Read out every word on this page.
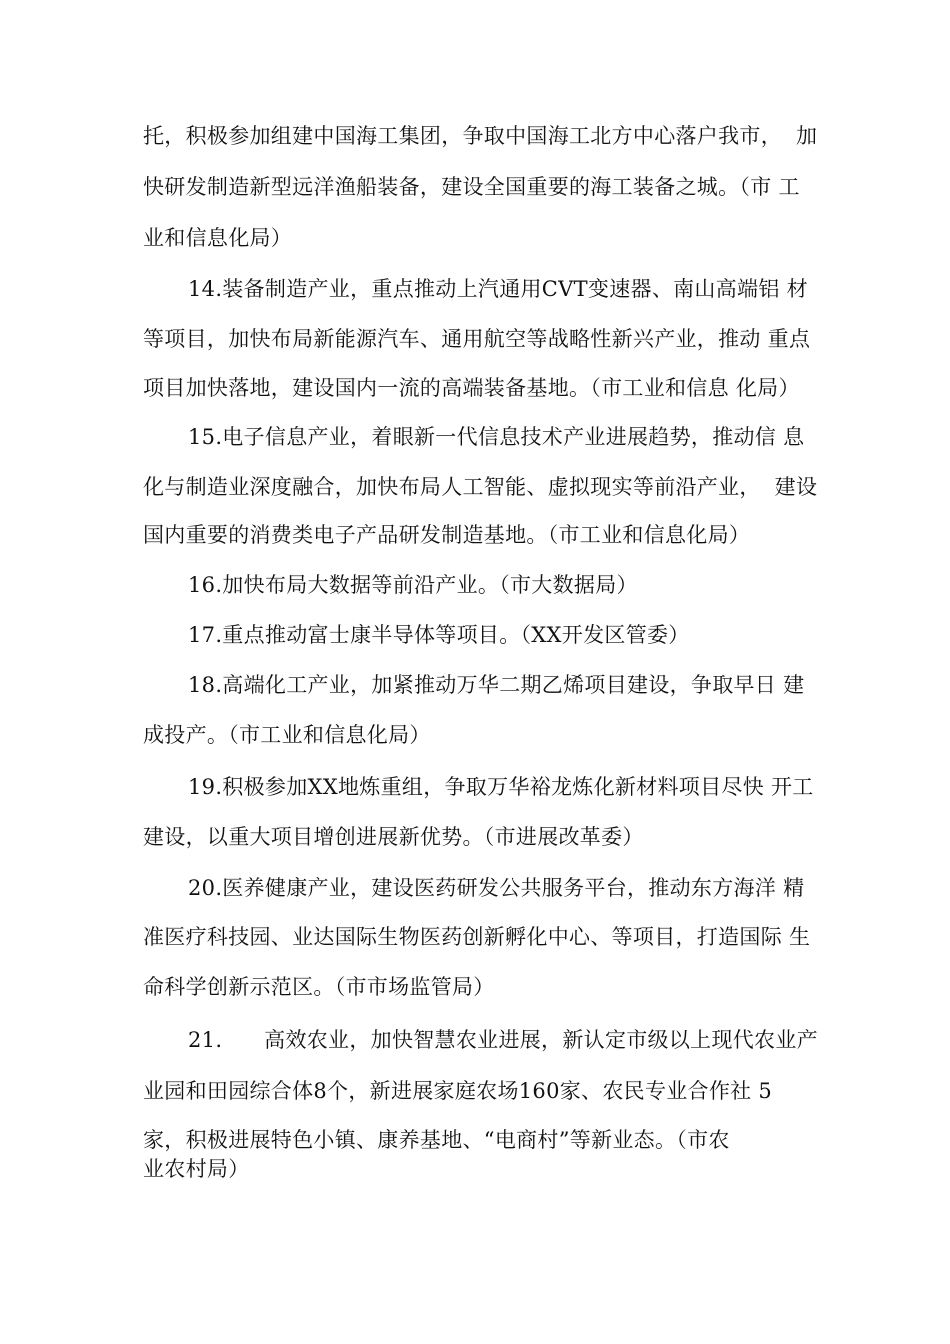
托，积极参加组建中国海工集团，争取中国海工北方中心落户我市，  加
快研发制造新型远洋渔船装备，建设全国重要的海工装备之城。（市 工
业和信息化局）
14.装备制造产业，重点推动上汽通用CVT变速器、南山高端铝 材
等项目，加快布局新能源汽车、通用航空等战略性新兴产业，推动 重点
项目加快落地，建设国内一流的高端装备基地。（市工业和信息 化局）
15.电子信息产业，着眼新一代信息技术产业进展趋势，推动信 息
化与制造业深度融合，加快布局人工智能、虚拟现实等前沿产业，  建设
国内重要的消费类电子产品研发制造基地。（市工业和信息化局）
16.加快布局大数据等前沿产业。（市大数据局）
17.重点推动富士康半导体等项目。（XX开发区管委）
18.高端化工产业，加紧推动万华二期乙烯项目建设，争取早日 建
成投产。（市工业和信息化局）
19.积极参加XX地炼重组，争取万华裕龙炼化新材料项目尽快 开工
建设，以重大项目增创进展新优势。（市进展改革委）
20.医养健康产业，建设医药研发公共服务平台，推动东方海洋 精
准医疗科技园、业达国际生物医药创新孵化中心、等项目，打造国际 生
命科学创新示范区。（市市场监管局）
21.      高效农业，加快智慧农业进展，新认定市级以上现代农业产
业园和田园综合体8个，新进展家庭农场160家、农民专业合作社 5
家，积极进展特色小镇、康养基地、“电商村”等新业态。（市农
业农村局）
